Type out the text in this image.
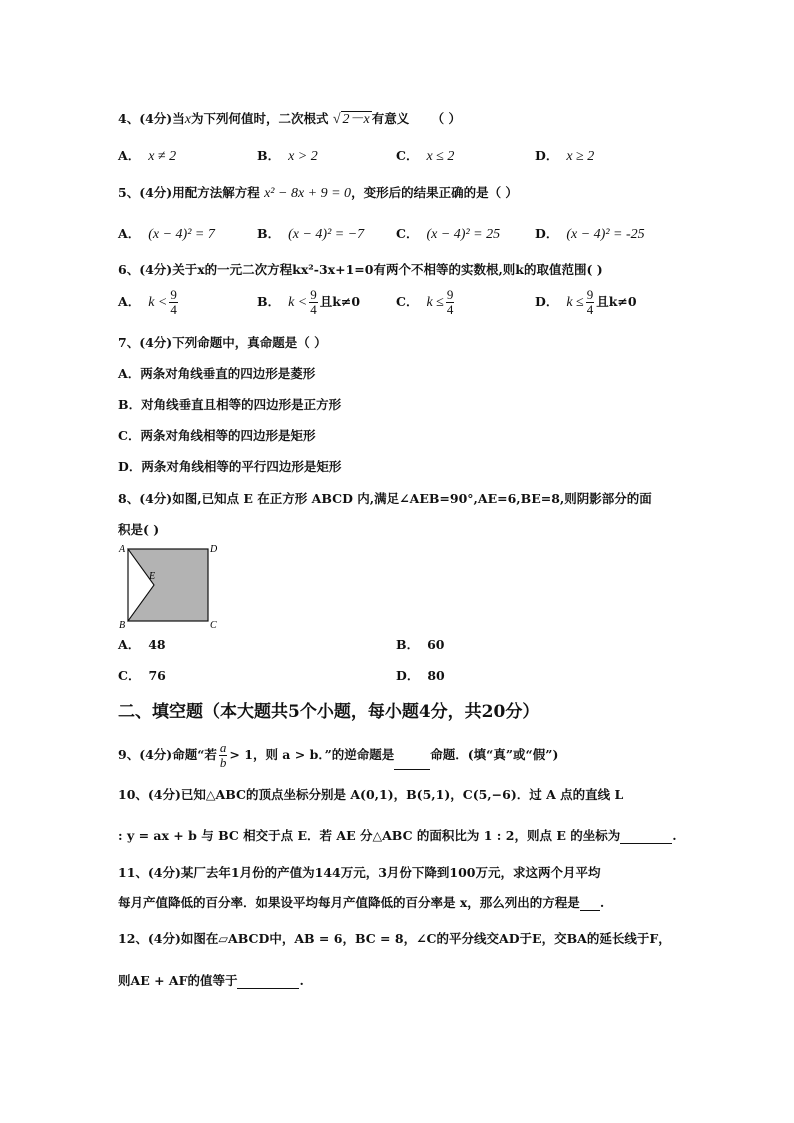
4、(4分)当x为下列何值时，二次根式 √ 2－x 有意义 （ ）
A． x ≠ 2	B． x > 2	C． x ≤ 2	D． x ≥ 2
5、(4分)用配方法解方程 x² − 8x + 9 = 0，变形后的结果正确的是（ ）
A． (x − 4)² = 7	B． (x − 4)² = −7	C． (x − 4)² = 25	D． (x − 4)² = -25
6、(4分)关于x的一元二次方程kx²-3x+1=0有两个不相等的实数根,则k的取值范围( )
A． $k < \frac{9}{4}$	B． $k < \frac{9}{4}$ 且k≠0	C． $k \le \frac{9}{4}$	D． $k \le \frac{9}{4}$ 且k≠0
7、(4分)下列命题中，真命题是（ ）
A．两条对角线垂直的四边形是菱形
B．对角线垂直且相等的四边形是正方形
C．两条对角线相等的四边形是矩形
D．两条对角线相等的平行四边形是矩形
8、(4分)如图,已知点 E 在正方形 ABCD 内,满足∠AEB=90°,AE=6,BE=8,则阴影部分的面
积是( )
A	D
B	C
E
A． 48	B． 60
C． 76	D． 80
二、填空题（本大题共5个小题，每小题4分，共20分）
9、(4分)命题“若 $\frac{a}{b} > 1$，则 a > b．”的逆命题是	命题．(填“真”或“假”)
10、(4分)已知△ABC的顶点坐标分别是 A(0,1)，B(5,1)，C(5,−6)．过 A 点的直线 L
: y = ax + b 与 BC 相交于点 E．若 AE 分△ABC 的面积比为 1 : 2，则点 E 的坐标为	.
11、(4分)某厂去年1月份的产值为144万元，3月份下降到100万元，求这两个月平均
每月产值降低的百分率．如果设平均每月产值降低的百分率是 x，那么列出的方程是 .
12、(4分)如图在▱ABCD中，AB = 6，BC = 8，∠C的平分线交AD于E，交BA的延长线于F，
则AE + AF的值等于	.
